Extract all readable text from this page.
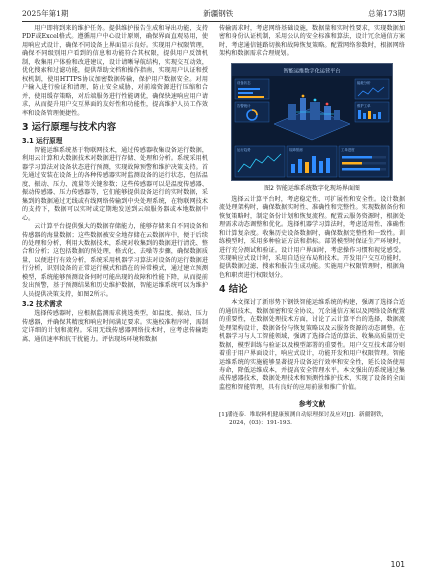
2025年第1期	新疆钢铁	总第173期

用户即将到来的维护任务。提供维护报告生成和导出功能，支持PDF或Excel格式。遵循用户中心设计原则，确保界面直观易用，使用响应式设计，确保不同设备上界面显示良好。实现用户权限管理，确保不同级别用户看到的信息和功能符合其权限，提供用户反馈机制，收集用户体验和改进建议，设计请晰导航结构，实现交互动效，优化搜索和过滤功能，提供帮助文档和操作指南，实现用户认证和授权机制，使用HTTPS协议加密数据传输，保护用户数据安全。对用户输入进行验证和清理，防止安全威胁，对前端资源进行压缩和合并，使用缓存策略，对后端服务进行性能调优，确保快速响应用户请求，从而提升用户交互界面的友好性和功能性，提高维护人员工作效率和设备管理便捷性。

3 运行原理与技术内容
3.1 运行原理

智能运维系统基于物联网技术，通过传感器收集设备运行数据，利用云计算和大数据技术对数据进行存储、处理和分析。系统采用机器学习算法对设备状态进行预测，实现故障预警和维护决策支持。首先通过安装在设备上的各种传感器实时监测设备的运行状态，包括温度、振动、压力、流量等关键参数；这些传感器可以是温度传感器、振动传感器、压力传感器等，它们能够提供设备运行的实时数据，采集到的数据通过无线或有线网络传输到中央处理系统，在物联网技术的支持下，数据可以实时或定期地发送到云端服务器或本地数据中心。

云计算平台提供强大的数据存储能力，能够存储来自不同设备和传感器的海量数据；这些数据被安全地存储在云数据库中，便于后续的处理和分析，利用大数据技术，系统对收集到的数据进行清洗、整合和分析；这包括数据的预处理，格式化、去噪等步骤，确保数据质量，以便进行有效分析，系统采用机器学习算法对设备的运行数据进行分析，识别设备的正常运行模式和潜在的异常模式，通过建立预测模型，系统能够预测设备何时可能出现的故障和性能下降，从而提前发出预警，基于预测结果和历史维护数据，智能运维系统可以为维护人员提供决策支持，如图2所示。

3.2 技术需求

选择传感器时，应根据监测需求挑选类型，如温度、振动、压力传感器，并确保其精度和响应时间满足要求。实施校准程序时，需制定详细的计划和流程。采用无线传感器网络技术时，应考虑传输距离、通信速率和抗干扰能力。评估现场环境和数据

传输需求时，考虑网络基础设施，数据量和实时性要求，实现数据加密和身份认证机制，采用公认的安全标准和算法，设计冗余通信方案时，考虑通信链路切换和故障恢复策略。配置网络参数时，根据网络架构和数据需求合理规划。

智能运维数字化运营平台
设备状态
告警统计
能耗分析
维护工单
运行趋势	故障预测	工单进度
图2 智能运维系统数字化现场界面图

选择云计算平台时，考虑稳定性、可扩展性和安全性。设计数据流处理架构时，确保数据实时性、准确性和完整性。实现数据备份和恢复策略时，制定备份计划和恢复流程。配置云服务资源时，根据处理需求动态调整和优化。选择机器学习算法时，考虑适用性、准确性和计算复杂度。收集历史设备数据时，确保数据完整性和一致性。训练模型时，采用多种验证方法和指标。部署模型时保证生产环境时，进行充分测试和验证。设计用户界面时，考虑操作习惯和视觉感受。实现响应式设计时，采用自适应布局和技术。开发用户交互功能时，提供数据过滤、搜索和报告生成功能。实施用户权限管理时，根据角色和职责进行权限划分。

4 结论

本文探讨了新形势下钢铁智能运维系统的构建，强调了选择合适的通信技术，数据加密和安全协议，冗余通信方案以及网络设备配置的重要性，在数据处理技术方面，讨论了云计算平台的选择，数据流处理架构设计，数据备份与恢复策略以及云服务资源的动态调整。在机器学习与人工智能领域，强调了选择合适的算法、收集高质量历史数据，模型训练与验证以及模型部署的重要性。用户交互技术部分则着重于用户界面设计，响应式设计，功能开发和用户权限管理。智能运维系统的实施能够显著提升设备运行效率和安全性，延长设备使用寿命，降低运维成本，并提高安全管理水平。本文强出的系统通过集成传感器技术，数据处理技术和预测性维护技术，实现了设备的全面监控和智能管理，具有良好的应用前景和推广价值。

参考文献

[1]潘连泰．堆取料机健康预测自动原理探讨及应对[J]．新疆钢铁，2024，(03)：191-193.

101
